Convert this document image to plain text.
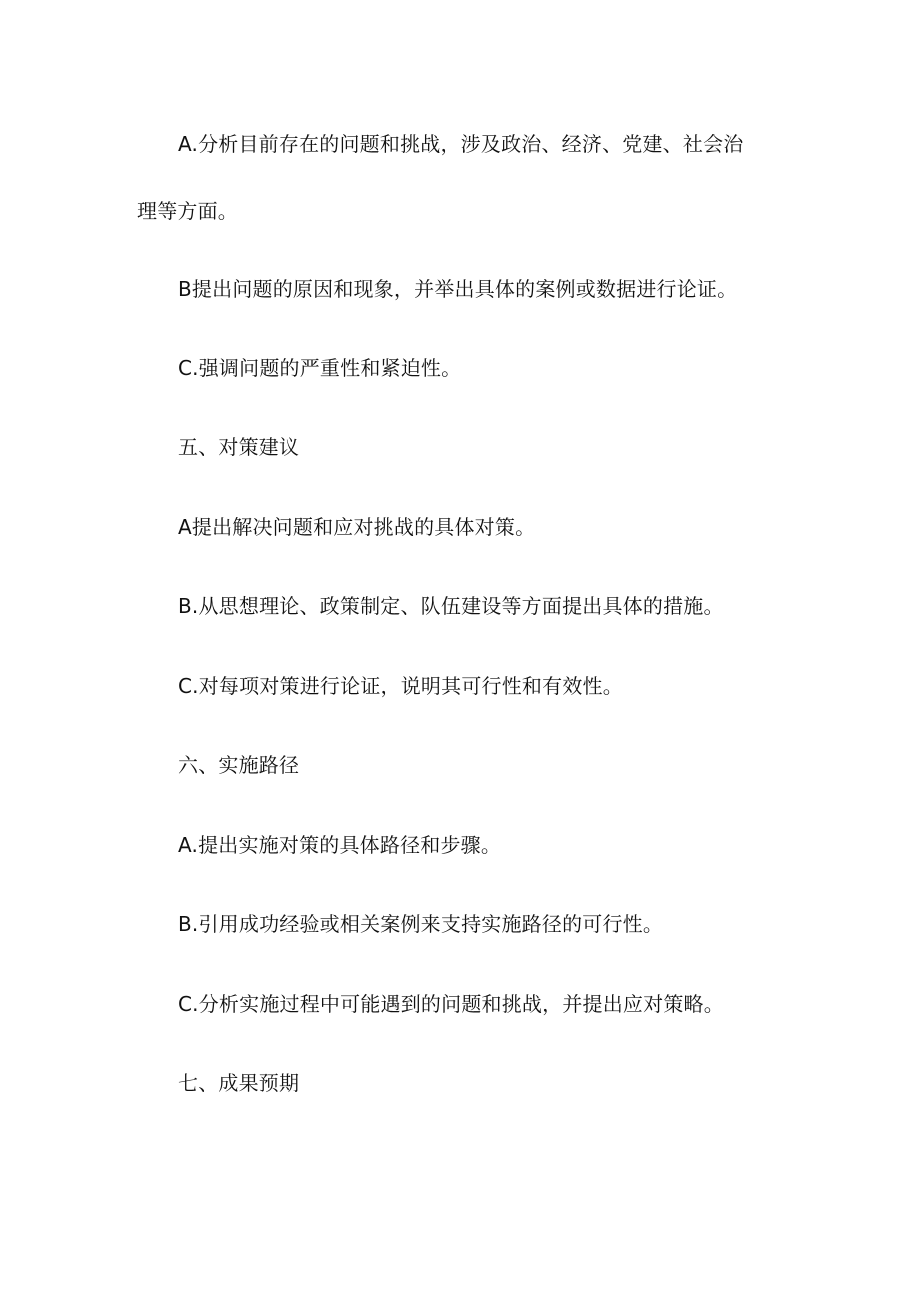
A.分析目前存在的问题和挑战，涉及政治、经济、党建、社会治
理等方面。
B提出问题的原因和现象，并举出具体的案例或数据进行论证。
C.强调问题的严重性和紧迫性。
五、对策建议
A提出解决问题和应对挑战的具体对策。
B.从思想理论、政策制定、队伍建设等方面提出具体的措施。
C.对每项对策进行论证，说明其可行性和有效性。
六、实施路径
A.提出实施对策的具体路径和步骤。
B.引用成功经验或相关案例来支持实施路径的可行性。
C.分析实施过程中可能遇到的问题和挑战，并提出应对策略。
七、成果预期
